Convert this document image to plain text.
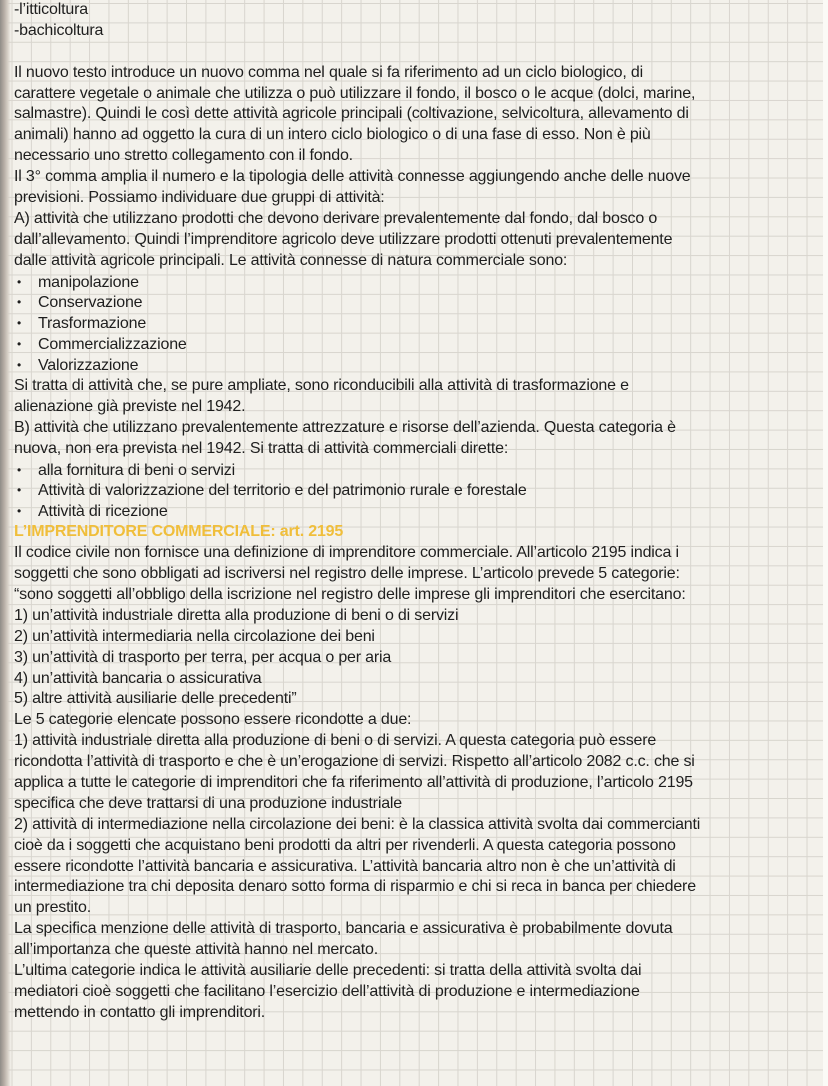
-l’itticoltura
-bachicoltura
Il nuovo testo introduce un nuovo comma nel quale si fa riferimento ad un ciclo biologico, di
carattere vegetale o animale che utilizza o può utilizzare il fondo, il bosco o le acque (dolci, marine,
salmastre). Quindi le così dette attività agricole principali (coltivazione, selvicoltura, allevamento di
animali) hanno ad oggetto la cura di un intero ciclo biologico o di una fase di esso. Non è più
necessario uno stretto collegamento con il fondo.
Il 3° comma amplia il numero e la tipologia delle attività connesse aggiungendo anche delle nuove
previsioni. Possiamo individuare due gruppi di attività:
A) attività che utilizzano prodotti che devono derivare prevalentemente dal fondo, dal bosco o
dall’allevamento. Quindi l’imprenditore agricolo deve utilizzare prodotti ottenuti prevalentemente
dalle attività agricole principali. Le attività connesse di natura commerciale sono:
• manipolazione
• Conservazione
• Trasformazione
• Commercializzazione
• Valorizzazione
Si tratta di attività che, se pure ampliate, sono riconducibili alla attività di trasformazione e
alienazione già previste nel 1942.
B) attività che utilizzano prevalentemente attrezzature e risorse dell’azienda. Questa categoria è
nuova, non era prevista nel 1942. Si tratta di attività commerciali dirette:
• alla fornitura di beni o servizi
• Attività di valorizzazione del territorio e del patrimonio rurale e forestale
• Attività di ricezione
L’IMPRENDITORE COMMERCIALE: art. 2195
Il codice civile non fornisce una definizione di imprenditore commerciale. All’articolo 2195 indica i
soggetti che sono obbligati ad iscriversi nel registro delle imprese. L’articolo prevede 5 categorie:
“sono soggetti all’obbligo della iscrizione nel registro delle imprese gli imprenditori che esercitano:
1) un’attività industriale diretta alla produzione di beni o di servizi
2) un’attività intermediaria nella circolazione dei beni
3) un’attività di trasporto per terra, per acqua o per aria
4) un’attività bancaria o assicurativa
5) altre attività ausiliarie delle precedenti”
Le 5 categorie elencate possono essere ricondotte a due:
1) attività industriale diretta alla produzione di beni o di servizi. A questa categoria può essere
ricondotta l’attività di trasporto e che è un’erogazione di servizi. Rispetto all’articolo 2082 c.c. che si
applica a tutte le categorie di imprenditori che fa riferimento all’attività di produzione, l’articolo 2195
specifica che deve trattarsi di una produzione industriale
2) attività di intermediazione nella circolazione dei beni: è la classica attività svolta dai commercianti
cioè da i soggetti che acquistano beni prodotti da altri per rivenderli. A questa categoria possono
essere ricondotte l’attività bancaria e assicurativa. L’attività bancaria altro non è che un’attività di
intermediazione tra chi deposita denaro sotto forma di risparmio e chi si reca in banca per chiedere
un prestito.
La specifica menzione delle attività di trasporto, bancaria e assicurativa è probabilmente dovuta
all’importanza che queste attività hanno nel mercato.
L’ultima categorie indica le attività ausiliarie delle precedenti: si tratta della attività svolta dai
mediatori cioè soggetti che facilitano l’esercizio dell’attività di produzione e intermediazione
mettendo in contatto gli imprenditori.
